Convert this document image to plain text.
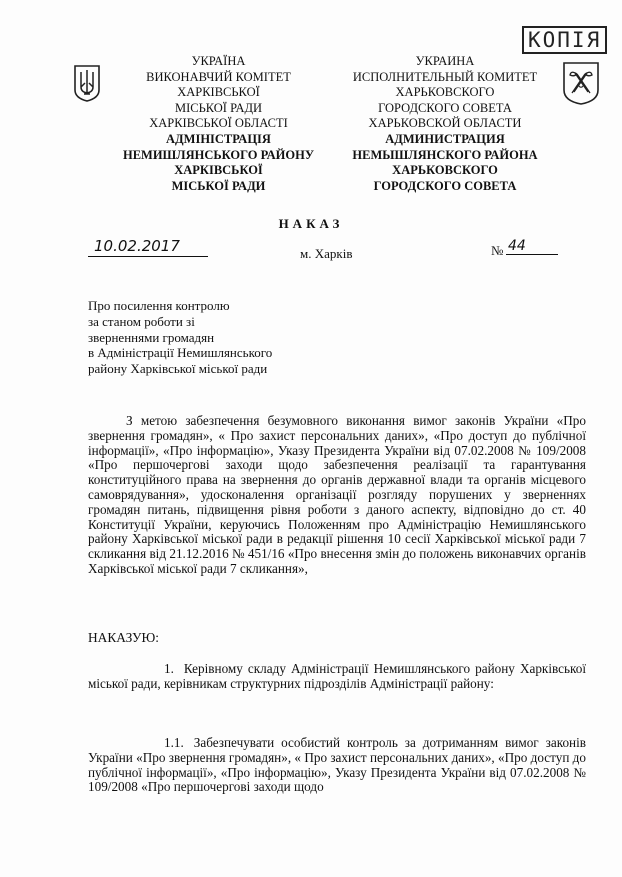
КОПІЯ
УКРАЇНА
ВИКОНАВЧИЙ КОМІТЕТ
ХАРКІВСЬКОЇ
МІСЬКОЇ РАДИ
ХАРКІВСЬКОЇ ОБЛАСТІ
АДМІНІСТРАЦІЯ
НЕМИШЛЯНСЬКОГО РАЙОНУ
ХАРКІВСЬКОЇ
МІСЬКОЇ РАДИ
УКРАИНА
ИСПОЛНИТЕЛЬНЫЙ КОМИТЕТ
ХАРЬКОВСКОГО
ГОРОДСКОГО СОВЕТА
ХАРЬКОВСКОЙ ОБЛАСТИ
АДМИНИСТРАЦИЯ
НЕМЫШЛЯНСКОГО РАЙОНА
ХАРЬКОВСКОГО
ГОРОДСКОГО СОВЕТА
НАКАЗ
10.02.2017	м. Харків	№ 44
Про посилення контролю
за станом роботи зі
зверненнями громадян
в Адміністрації Немишлянського
району Харківської міської ради
З метою забезпечення безумовного виконання вимог законів України «Про звернення громадян», « Про захист персональних даних», «Про доступ до публічної інформації», «Про інформацію», Указу Президента України від 07.02.2008 № 109/2008 «Про першочергові заходи щодо забезпечення реалізації та гарантування конституційного права на звернення до органів державної влади та органів місцевого самоврядування», удосконалення організації розгляду порушених у зверненнях громадян питань, підвищення рівня роботи з даного аспекту, відповідно до ст. 40 Конституції України, керуючись Положенням про Адміністрацію Немишлянського району Харківської міської ради в редакції рішення 10 сесії Харківської міської ради 7 скликання від 21.12.2016 № 451/16 «Про внесення змін до положень виконавчих органів Харківської міської ради 7 скликання»,
НАКАЗУЮ:
1. Керівному складу Адміністрації Немишлянського району Харківської міської ради, керівникам структурних підрозділів Адміністрації району:
1.1. Забезпечувати особистий контроль за дотриманням вимог законів України «Про звернення громадян», « Про захист персональних даних», «Про доступ до публічної інформації», «Про інформацію», Указу Президента України від 07.02.2008 № 109/2008 «Про першочергові заходи щодо
